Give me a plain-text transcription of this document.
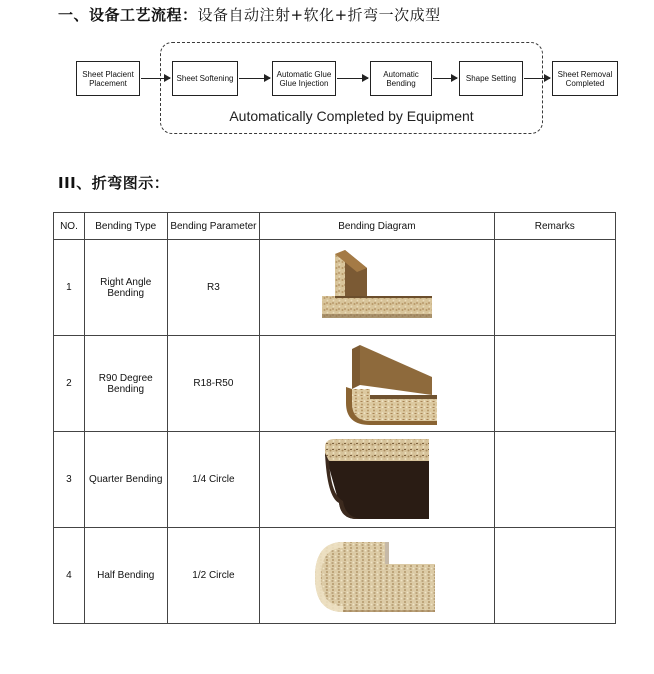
一、设备工艺流程：设备自动注射+软化+折弯一次成型
Sheet Placient
Placement	Sheet Softening	Automatic Glue
Glue Injection
Automatic
Bending	Shape Setting	Sheet Removal
Completed
Automatically Completed by Equipment
III、折弯图示：
NO.	Bending Type	Bending Parameter	Bending Diagram	Remarks
1	Right Angle
Bending	R3	

2	R90 Degree
Bending	R18-R50	

3	Quarter Bending	1/4 Circle	

4	Half Bending	1/2 Circle	
